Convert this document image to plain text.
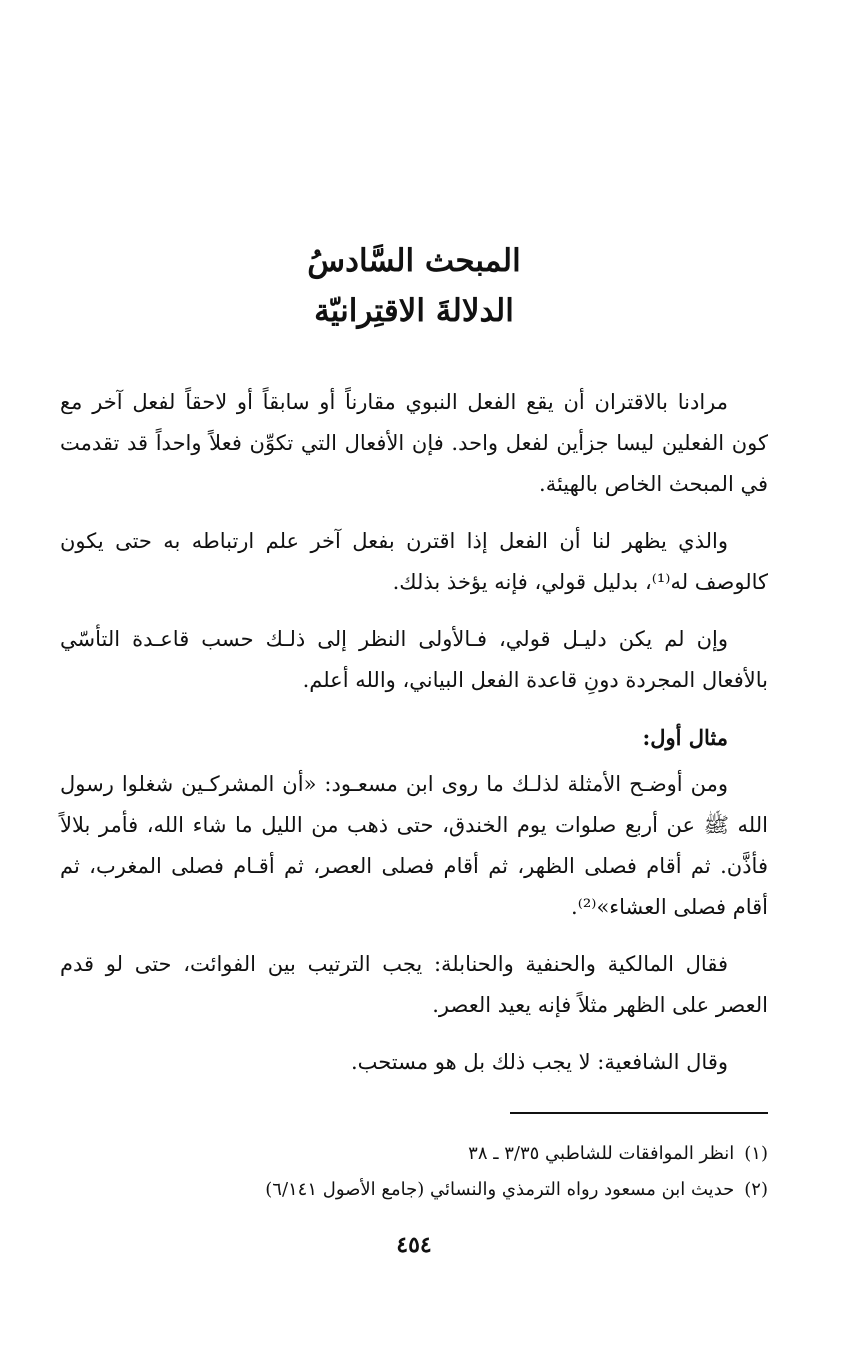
المبحث السَّادسُ

الدلالةَ الاقتِرانيّة

مرادنا بالاقتران أن يقع الفعل النبوي مقارناً أو سابقاً أو لاحقاً لفعل آخر مع كون الفعلين ليسا جزأين لفعل واحد. فإن الأفعال التي تكوِّن فعلاً واحداً قد تقدمت في المبحث الخاص بالهيئة.

والذي يظهر لنا أن الفعل إذا اقترن بفعل آخر علم ارتباطه به حتى يكون كالوصف له⁽¹⁾، بدليل قولي، فإنه يؤخذ بذلك.

وإن لم يكن دليـل قولي، فـالأولى النظر إلى ذلـك حسب قاعـدة التأسّي بالأفعال المجردة دونِ قاعدة الفعل البياني، والله أعلم.

مثال أول:

ومن أوضـح الأمثلة لذلـك ما روى ابن مسعـود: «أن المشركـين شغلوا رسول الله ﷺ عن أربع صلوات يوم الخندق، حتى ذهب من الليل ما شاء الله، فأمر بلالاً فأذَّن. ثم أقام فصلى الظهر، ثم أقام فصلى العصر، ثم أقـام فصلى المغرب، ثم أقام فصلى العشاء»⁽²⁾.

فقال المالكية والحنفية والحنابلة: يجب الترتيب بين الفوائت، حتى لو قدم العصر على الظهر مثلاً فإنه يعيد العصر.

وقال الشافعية: لا يجب ذلك بل هو مستحب.

(١)انظر الموافقات للشاطبي ٣/٣٥ ـ ٣٨

(٢)حديث ابن مسعود رواه الترمذي والنسائي (جامع الأصول ٦/١٤١)

٤٥٤
